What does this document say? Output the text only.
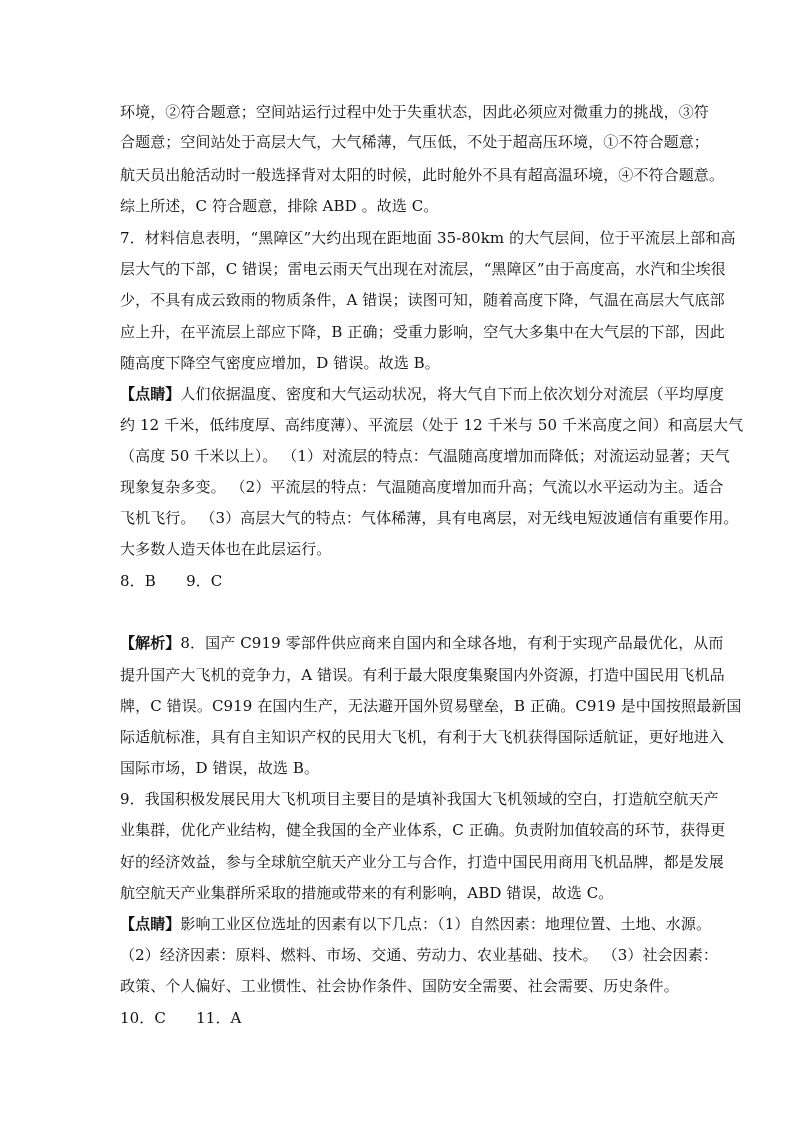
环境，②符合题意；空间站运行过程中处于失重状态，因此必须应对微重力的挑战，③符
合题意；空间站处于高层大气，大气稀薄，气压低，不处于超高压环境，①不符合题意；
航天员出舱活动时一般选择背对太阳的时候，此时舱外不具有超高温环境，④不符合题意。
综上所述，C 符合题意，排除 ABD 。故选 C。
7．材料信息表明，“黑障区”大约出现在距地面 35-80km 的大气层间，位于平流层上部和高
层大气的下部，C 错误；雷电云雨天气出现在对流层，“黑障区”由于高度高，水汽和尘埃很
少，不具有成云致雨的物质条件，A 错误；读图可知，随着高度下降，气温在高层大气底部
应上升，在平流层上部应下降，B 正确；受重力影响，空气大多集中在大气层的下部，因此
随高度下降空气密度应增加，D 错误。故选 B。
【点睛】人们依据温度、密度和大气运动状况，将大气自下而上依次划分对流层（平均厚度
约 12 千米，低纬度厚、高纬度薄）、平流层（处于 12 千米与 50 千米高度之间）和高层大气
（高度 50 千米以上）。 （1）对流层的特点：气温随高度增加而降低；对流运动显著；天气
现象复杂多变。 （2）平流层的特点：气温随高度增加而升高；气流以水平运动为主。适合
飞机飞行。 （3）高层大气的特点：气体稀薄，具有电离层，对无线电短波通信有重要作用。
大多数人造天体也在此层运行。
8．B　　9．C
【解析】8．国产 C919 零部件供应商来自国内和全球各地，有利于实现产品最优化，从而
提升国产大飞机的竞争力，A 错误。有利于最大限度集聚国内外资源，打造中国民用飞机品
牌，C 错误。C919 在国内生产，无法避开国外贸易壁垒，B 正确。C919 是中国按照最新国
际适航标准，具有自主知识产权的民用大飞机，有利于大飞机获得国际适航证，更好地进入
国际市场，D 错误，故选 B。
9．我国积极发展民用大飞机项目主要目的是填补我国大飞机领域的空白，打造航空航天产
业集群，优化产业结构，健全我国的全产业体系，C 正确。负责附加值较高的环节，获得更
好的经济效益，参与全球航空航天产业分工与合作，打造中国民用商用飞机品牌，都是发展
航空航天产业集群所采取的措施或带来的有利影响，ABD 错误，故选 C。
【点睛】影响工业区位选址的因素有以下几点：（1）自然因素：地理位置、土地、水源。
（2）经济因素：原料、燃料、市场、交通、劳动力、农业基础、技术。 （3）社会因素：
政策、个人偏好、工业惯性、社会协作条件、国防安全需要、社会需要、历史条件。
10．C　　11．A
